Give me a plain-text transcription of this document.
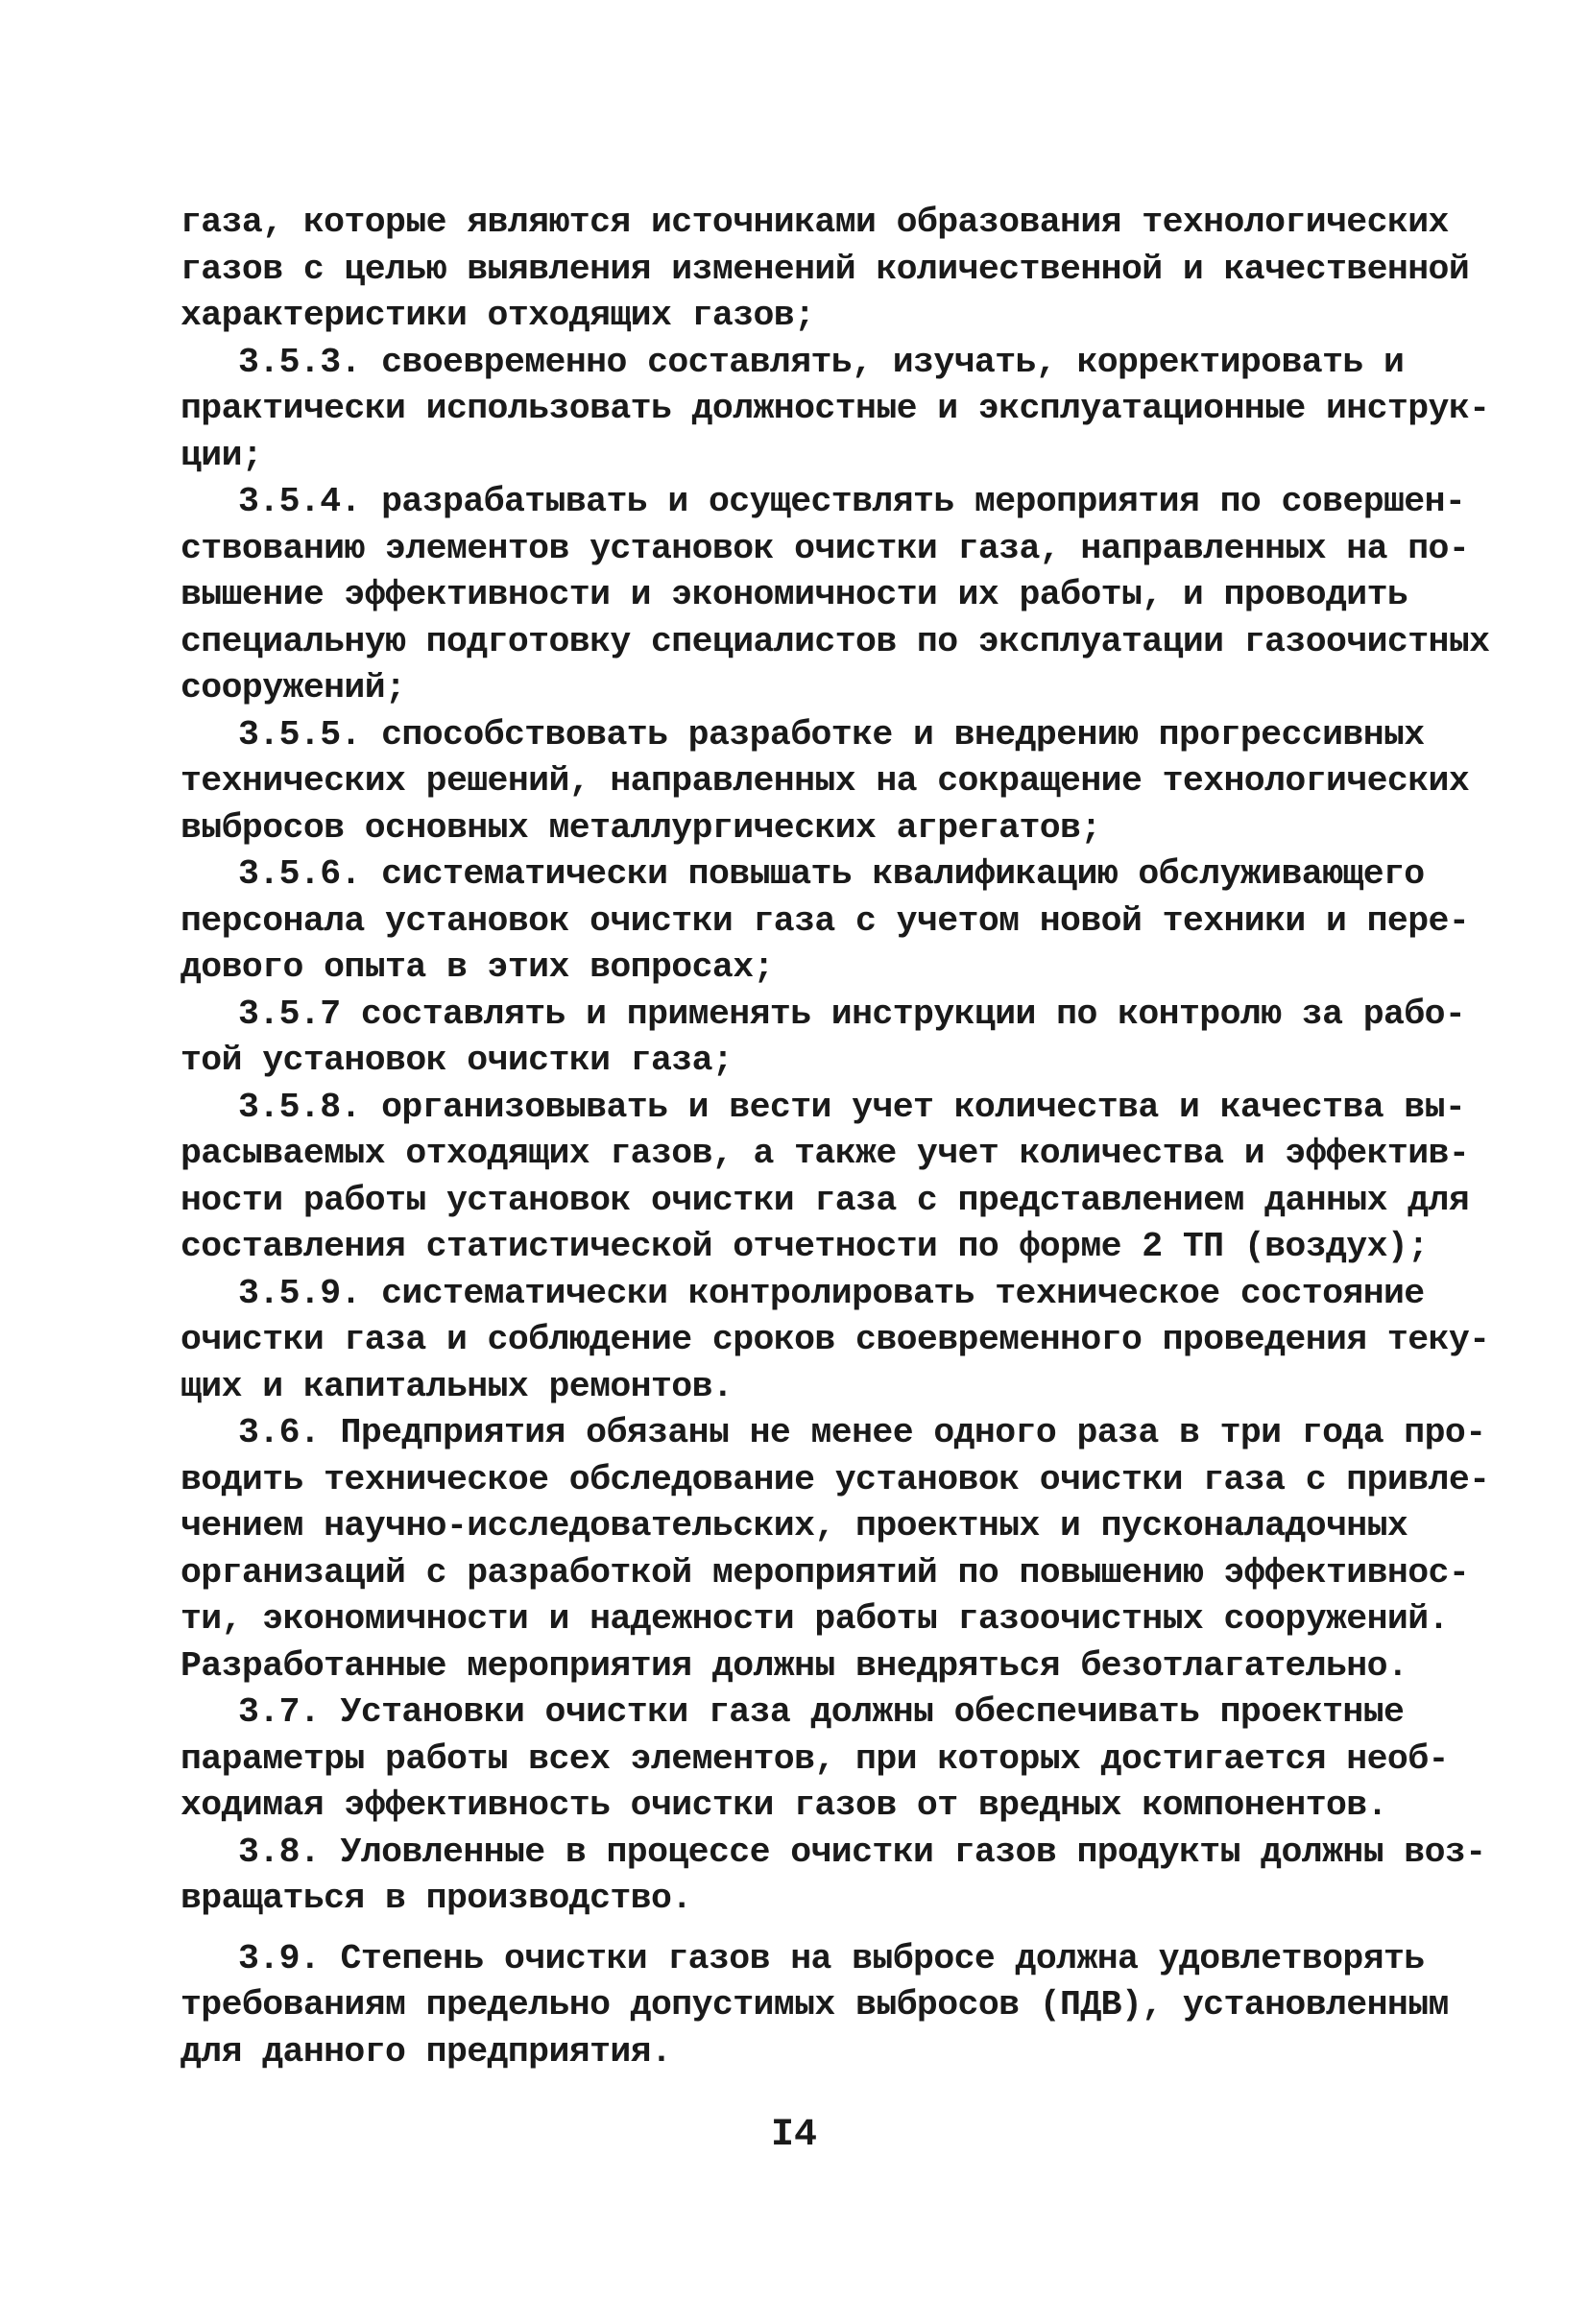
газа, которые являются источниками образования технологических
газов с целью выявления изменений количественной и качественной
характеристики отходящих газов;
3.5.3. своевременно составлять, изучать, корректировать и
практически использовать должностные и эксплуатационные инструк-
ции;
3.5.4. разрабатывать и осуществлять мероприятия по совершен-
ствованию элементов установок очистки газа, направленных на по-
вышение эффективности и экономичности их работы, и проводить
специальную подготовку специалистов по эксплуатации газоочистных
сооружений;
3.5.5. способствовать разработке и внедрению прогрессивных
технических решений, направленных на сокращение технологических
выбросов основных металлургических агрегатов;
3.5.6. систематически повышать квалификацию обслуживающего
персонала установок очистки газа с учетом новой техники и пере-
дового опыта в этих вопросах;
3.5.7 составлять и применять инструкции по контролю за рабо-
той установок очистки газа;
3.5.8. организовывать и вести учет количества и качества вы-
расываемых отходящих газов, а также учет количества и эффектив-
ности работы установок очистки газа с представлением данных для
составления статистической отчетности по форме 2 ТП (воздух);
3.5.9. систематически контролировать техническое состояние
очистки газа и соблюдение сроков своевременного проведения теку-
щих и капитальных ремонтов.
3.6. Предприятия обязаны не менее одного раза в три года про-
водить техническое обследование установок очистки газа с привле-
чением научно-исследовательских, проектных и пусконаладочных
организаций с разработкой мероприятий по повышению эффективнос-
ти, экономичности и надежности работы газоочистных сооружений.
Разработанные мероприятия должны внедряться безотлагательно.
3.7. Установки очистки газа должны обеспечивать проектные
параметры работы всех элементов, при которых достигается необ-
ходимая эффективность очистки газов от вредных компонентов.
3.8. Уловленные в процессе очистки газов продукты должны воз-
вращаться в производство.
3.9. Степень очистки газов на выбросе должна удовлетворять
требованиям предельно допустимых выбросов (ПДВ), установленным
для данного предприятия.
I4
